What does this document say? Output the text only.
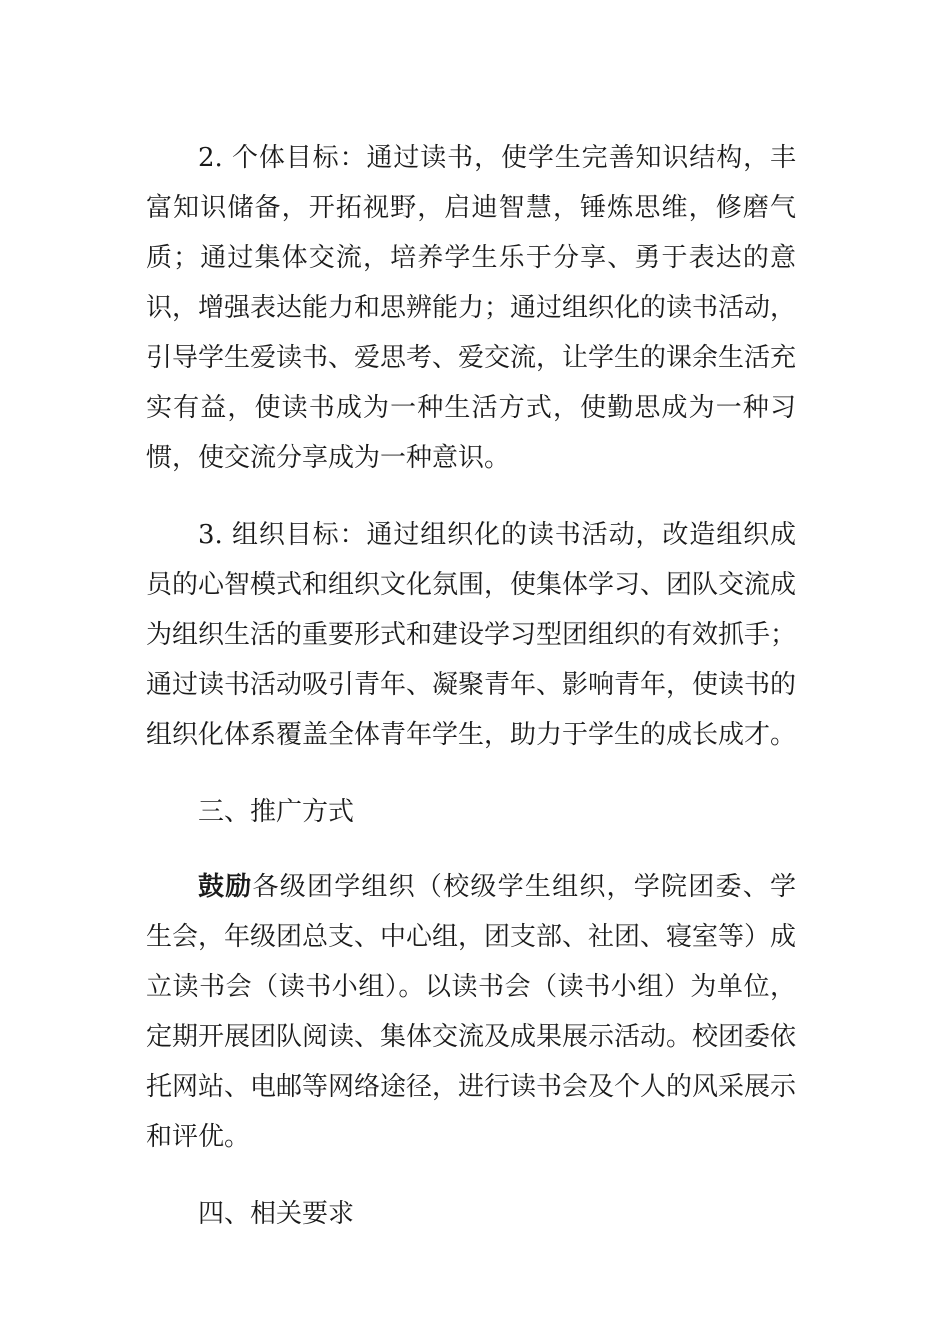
2. 个体目标：通过读书，使学生完善知识结构，丰富知识储备，开拓视野，启迪智慧，锤炼思维，修磨气质；通过集体交流，培养学生乐于分享、勇于表达的意识，增强表达能力和思辨能力；通过组织化的读书活动，引导学生爱读书、爱思考、爱交流，让学生的课余生活充实有益，使读书成为一种生活方式，使勤思成为一种习惯，使交流分享成为一种意识。

3. 组织目标：通过组织化的读书活动，改造组织成员的心智模式和组织文化氛围，使集体学习、团队交流成为组织生活的重要形式和建设学习型团组织的有效抓手；通过读书活动吸引青年、凝聚青年、影响青年，使读书的组织化体系覆盖全体青年学生，助力于学生的成长成才。

三、推广方式

鼓励各级团学组织（校级学生组织，学院团委、学生会，年级团总支、中心组，团支部、社团、寝室等）成立读书会（读书小组）。以读书会（读书小组）为单位，定期开展团队阅读、集体交流及成果展示活动。校团委依托网站、电邮等网络途径，进行读书会及个人的风采展示和评优。

四、相关要求
